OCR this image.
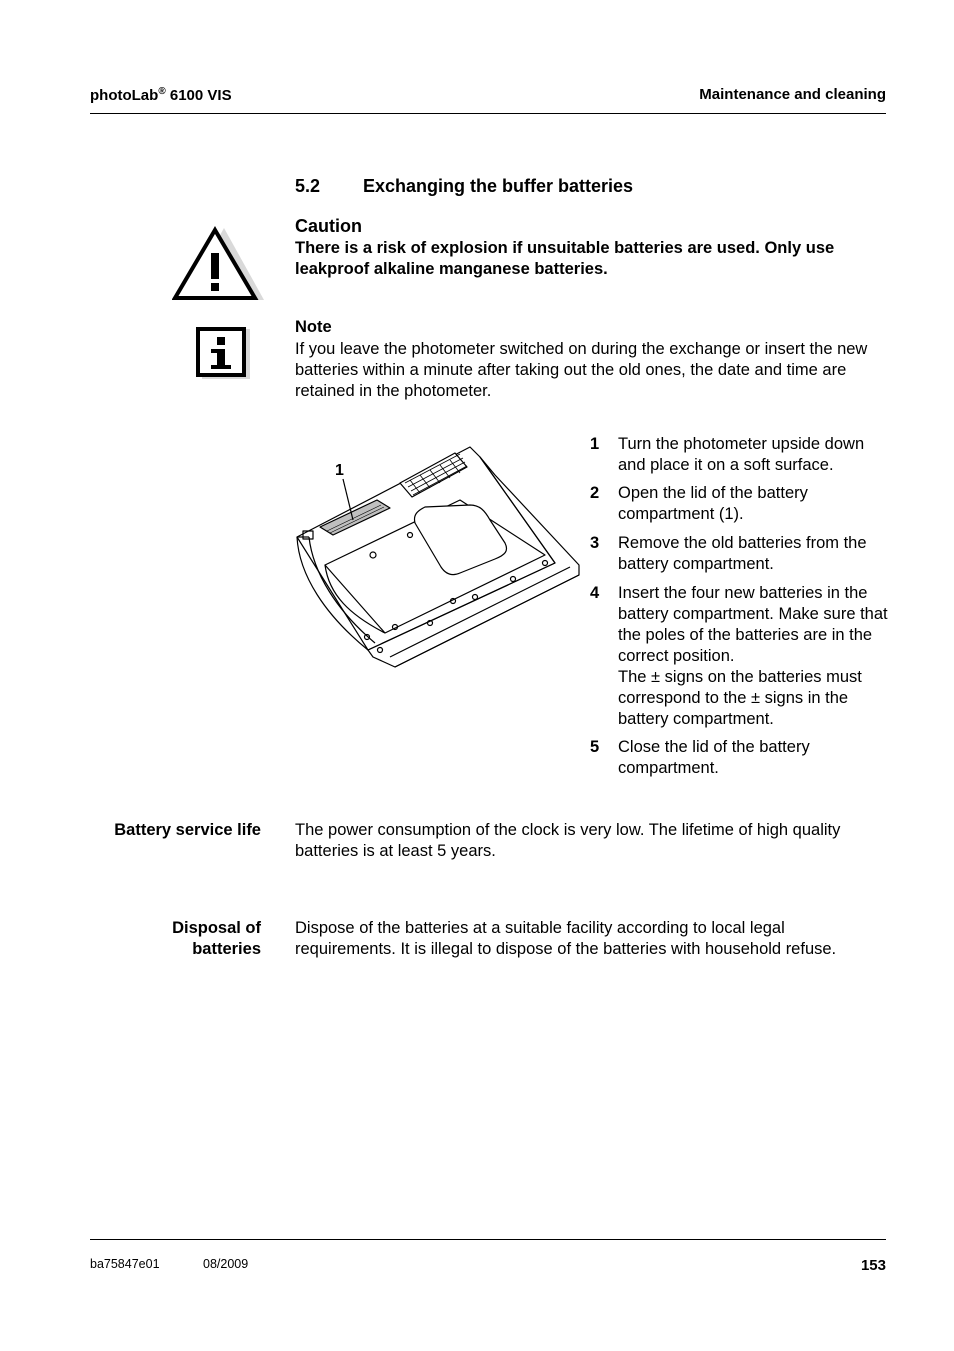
photoLab® 6100 VIS	Maintenance and cleaning
5.2 Exchanging the buffer batteries
Caution
There is a risk of explosion if unsuitable batteries are used. Only use leakproof alkaline manganese batteries.
Note
If you leave the photometer switched on during the exchange or insert the new batteries within a minute after taking out the old ones, the date and time are retained in the photometer.
1
1 Turn the photometer upside down and place it on a soft surface.
2 Open the lid of the battery compartment (1).
3 Remove the old batteries from the battery compartment.
4 Insert the four new batteries in the battery compartment. Make sure that the poles of the batteries are in the correct position.
The ± signs on the batteries must correspond to the ± signs in the battery compartment.
5 Close the lid of the battery compartment.
Battery service life The power consumption of the clock is very low. The lifetime of high quality batteries is at least 5 years.
Disposal of
batteries
Dispose of the batteries at a suitable facility according to local legal requirements. It is illegal to dispose of the batteries with household refuse.
ba75847e01	08/2009	153
